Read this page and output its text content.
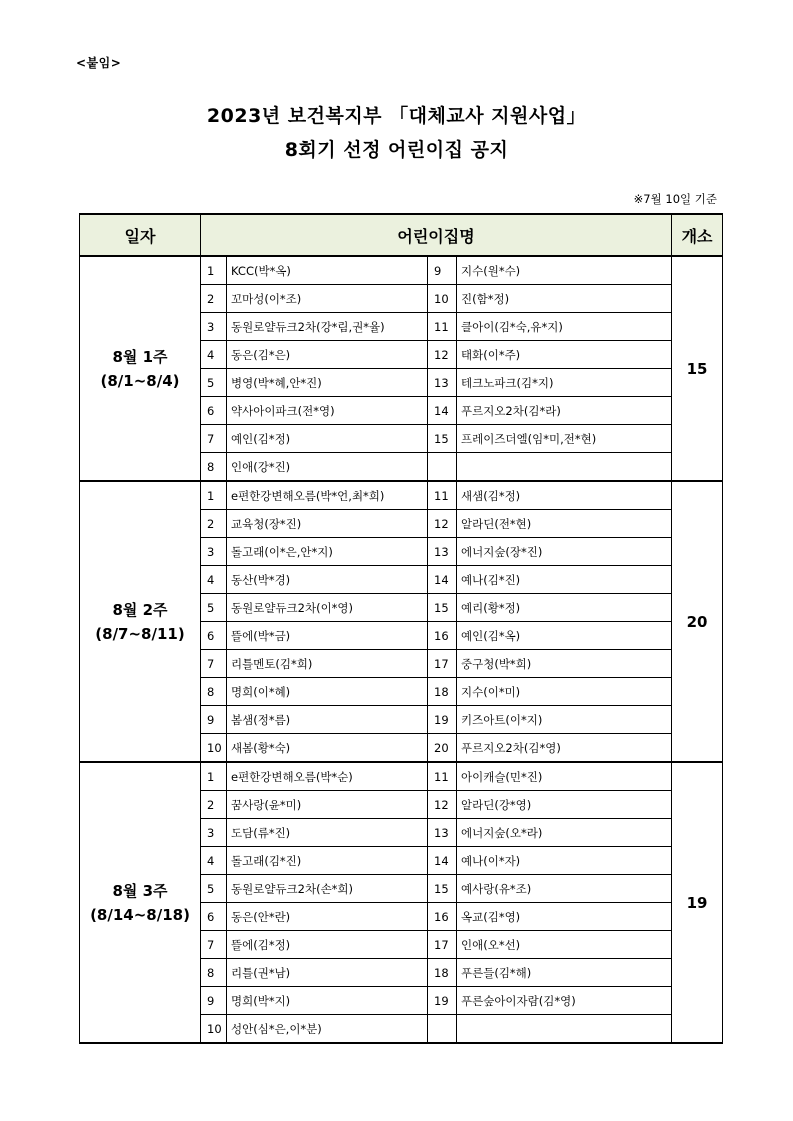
<붙임>
2023년 보건복지부 「대체교사 지원사업」
8회기 선정 어린이집 공지
※7월 10일 기준
일자	어린이집명				개소

8월 1주
(8/1~8/4)	1	KCC(박*옥)	9	지수(원*수)	15
	2	꼬마성(이*조)	10	진(함*정)	
	3	동원로얄듀크2차(강*림,권*율)	11	클아이(김*숙,유*지)	
	4	동은(김*은)	12	태화(이*주)	
	5	병영(박*혜,안*진)	13	테크노파크(김*지)	
	6	약사아이파크(전*영)	14	푸르지오2차(김*라)	
	7	예인(김*정)	15	프레이즈더엘(임*미,전*현)	
	8	인애(강*진)			

8월 2주
(8/7~8/11)	1	e편한강변해오름(박*언,최*희)	11	새샘(김*정)	20
	2	교육청(장*진)	12	알라딘(전*현)	
	3	돌고래(이*은,안*지)	13	에너지숲(장*진)	
	4	동산(박*경)	14	예나(김*진)	
	5	동원로얄듀크2차(이*영)	15	예리(황*정)	
	6	뜰에(박*금)	16	예인(김*옥)	
	7	리틀멘토(김*희)	17	중구청(박*희)	
	8	명희(이*혜)	18	지수(이*미)	
	9	봄샘(정*름)	19	키즈아트(이*지)	
	10	새봄(황*숙)	20	푸르지오2차(김*영)	

8월 3주
(8/14~8/18)	1	e편한강변해오름(박*순)	11	아이캐슬(민*진)	19
	2	꿈사랑(윤*미)	12	알라딘(강*영)	
	3	도담(류*진)	13	에너지숲(오*라)	
	4	돌고래(김*진)	14	예나(이*자)	
	5	동원로얄듀크2차(손*희)	15	예사랑(유*조)	
	6	동은(안*란)	16	옥교(김*영)	
	7	뜰에(김*정)	17	인애(오*선)	
	8	리틀(권*남)	18	푸른들(김*해)	
	9	명희(박*지)	19	푸른숲아이자람(김*영)	
	10	성안(심*은,이*분)			
